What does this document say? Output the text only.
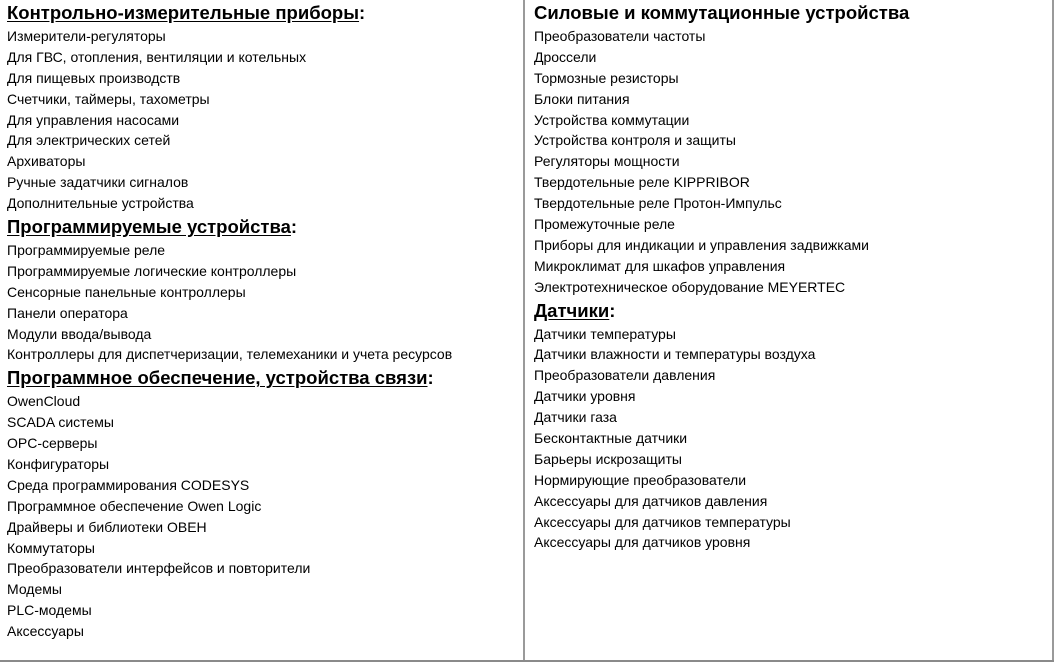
Контрольно-измерительные приборы:
Измерители-регуляторы
Для ГВС, отопления, вентиляции и котельных
Для пищевых производств
Счетчики, таймеры, тахометры
Для управления насосами
Для электрических сетей
Архиваторы
Ручные задатчики сигналов
Дополнительные устройства
Программируемые устройства:
Программируемые реле
Программируемые логические контроллеры
Сенсорные панельные контроллеры
Панели оператора
Модули ввода/вывода
Контроллеры для диспетчеризации, телемеханики и учета ресурсов
Программное обеспечение, устройства связи:
OwenCloud
SCADA системы
OPC-серверы
Конфигураторы
Среда программирования CODESYS
Программное обеспечение Owen Logic
Драйверы и библиотеки ОВЕН
Коммутаторы
Преобразователи интерфейсов и повторители
Модемы
PLC-модемы
Аксессуары
Силовые и коммутационные устройства
Преобразователи частоты
Дроссели
Тормозные резисторы
Блоки питания
Устройства коммутации
Устройства контроля и защиты
Регуляторы мощности
Твердотельные реле KIPPRIBOR
Твердотельные реле Протон-Импульс
Промежуточные реле
Приборы для индикации и управления задвижками
Микроклимат для шкафов управления
Электротехническое оборудование MEYERTEC
Датчики:
Датчики температуры
Датчики влажности и температуры воздуха
Преобразователи давления
Датчики уровня
Датчики газа
Бесконтактные датчики
Барьеры искрозащиты
Нормирующие преобразователи
Аксессуары для датчиков давления
Аксессуары для датчиков температуры
Аксессуары для датчиков уровня
